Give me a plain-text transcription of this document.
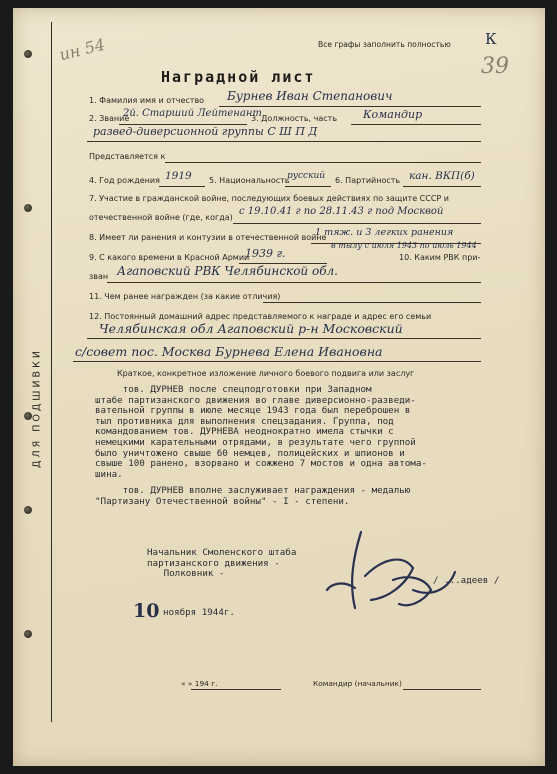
ДЛЯ ПОДШИВКИ
ин 54	Все графы заполнить полностью К
39
Наградной лист
1. Фамилия имя и отчество Бурнев Иван Степанович
2. Звание
2й. Старший Лейтенант
3. Должность, часть Командир
развед-диверсионной группы С Ш П Д
Представляется к
4. Год рождения 1919 5. Национальность
русский 6. Партийность кан. ВКП(б)
7. Участие в гражданской войне, последующих боевых действиях по защите СССР и
отечественной войне (где, когда)
с 19.10.41 г по 28.11.43 г под Москвой
8. Имеет ли ранения и контузии в отечественной войне
1 тяж. и 3 легких ранения
в тылу с июля 1943 по июль 1944
9. С какого времени в Красной Армии
1939 г.	10. Каким РВК при-
зван Агаповский РВК Челябинской обл.
11. Чем ранее награжден (за какие отличия)
12. Постоянный домашний адрес представляемого к награде и адрес его семьи
Челябинская обл Агаповский р-н Московский
с/совет пос. Москва Бурнева Елена Ивановна
Краткое, конкретное изложение личного боевого подвига или заслуг
тов. ДУРНЕВ после спецподготовки при Западном
штабе партизанского движения во главе диверсионно-разведи-
вательной группы в июле месяце 1943 года был переброшен в
тыл противника для выполнения спецзадания. Группа, под
командованием тов. ДУРНЕВА неоднократно имела стычки с
немецкими карательными отрядами, в результате чего группой
было уничтожено свыше 60 немцев, полицейских и шпионов и
свыше 100 ранено, взорвано и сожжено 7 мостов и одна автома-
шина.
тов. ДУРНЕВ вполне заслуживает награждения - медалью
"Партизану Отечественной войны" - I - степени.
Начальник Смоленского штаба
партизанского движения -
Полковник -
/ ...адеев /
10 ноября 1944г.
« » 194 г.	Командир (начальник)
